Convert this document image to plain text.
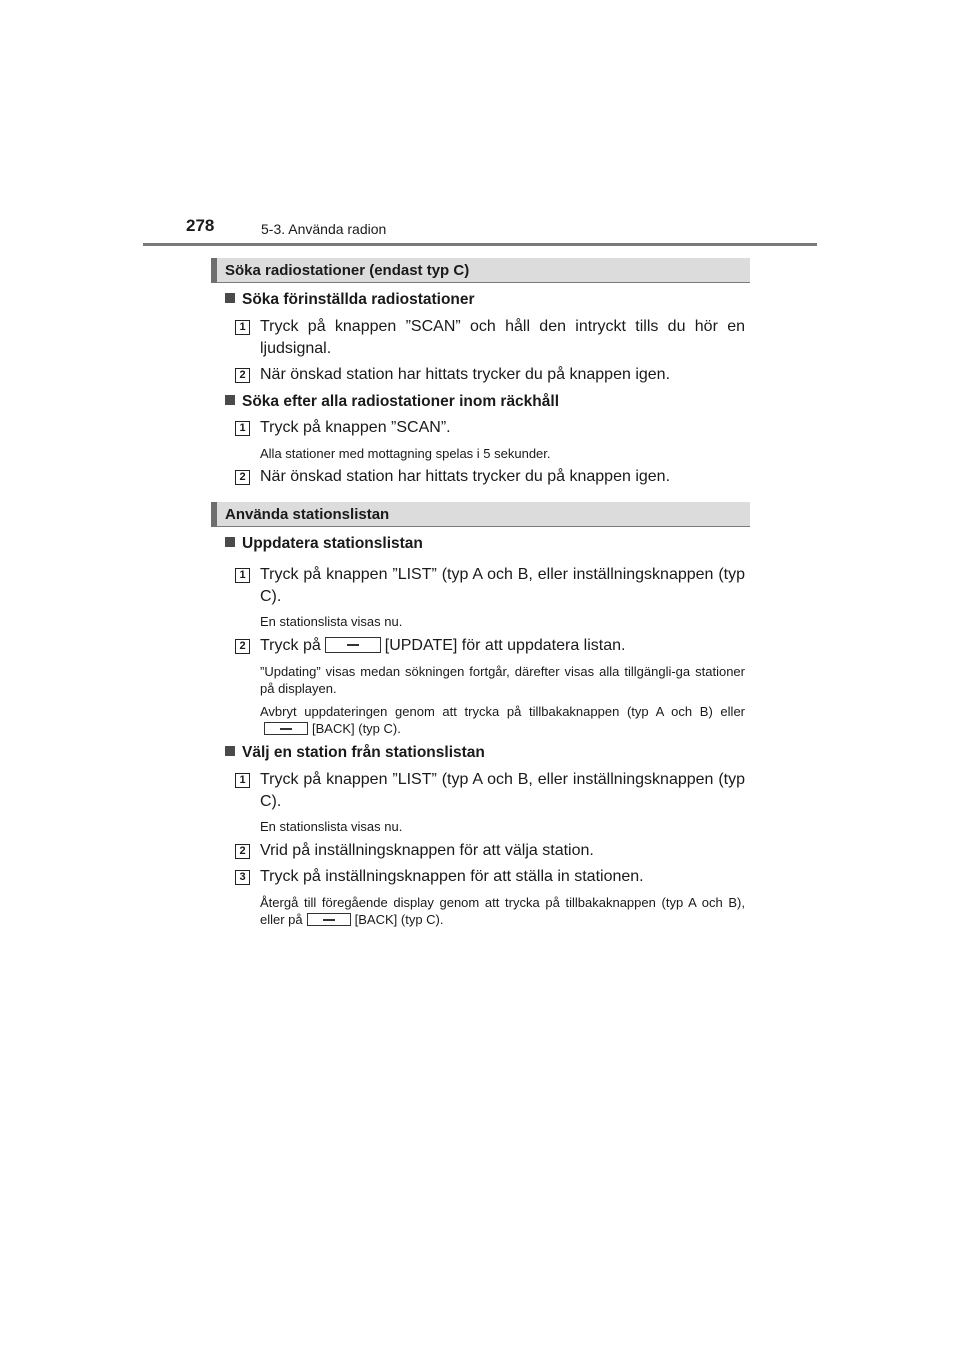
278	5-3. Använda radion
Söka radiostationer (endast typ C)
Söka förinställda radiostationer
1 Tryck på knappen ”SCAN” och håll den intryckt tills du hör en ljudsignal.
2 När önskad station har hittats trycker du på knappen igen.
Söka efter alla radiostationer inom räckhåll
1 Tryck på knappen ”SCAN”.
Alla stationer med mottagning spelas i 5 sekunder.
2 När önskad station har hittats trycker du på knappen igen.
Använda stationslistan
Uppdatera stationslistan
1 Tryck på knappen ”LIST” (typ A och B, eller inställningsknappen (typ C).
En stationslista visas nu.
2 Tryck på	[UPDATE] för att uppdatera listan.
”Updating” visas medan sökningen fortgår, därefter visas alla tillgängli-ga stationer på displayen.
Avbryt uppdateringen genom att trycka på tillbakaknappen (typ A och B) eller
[BACK] (typ C).
Välj en station från stationslistan
1 Tryck på knappen ”LIST” (typ A och B, eller inställningsknappen (typ C).
En stationslista visas nu.
2 Vrid på inställningsknappen för att välja station.
3 Tryck på inställningsknappen för att ställa in stationen.
Återgå till föregående display genom att trycka på tillbakaknappen (typ A och B), eller på	[BACK] (typ C).
